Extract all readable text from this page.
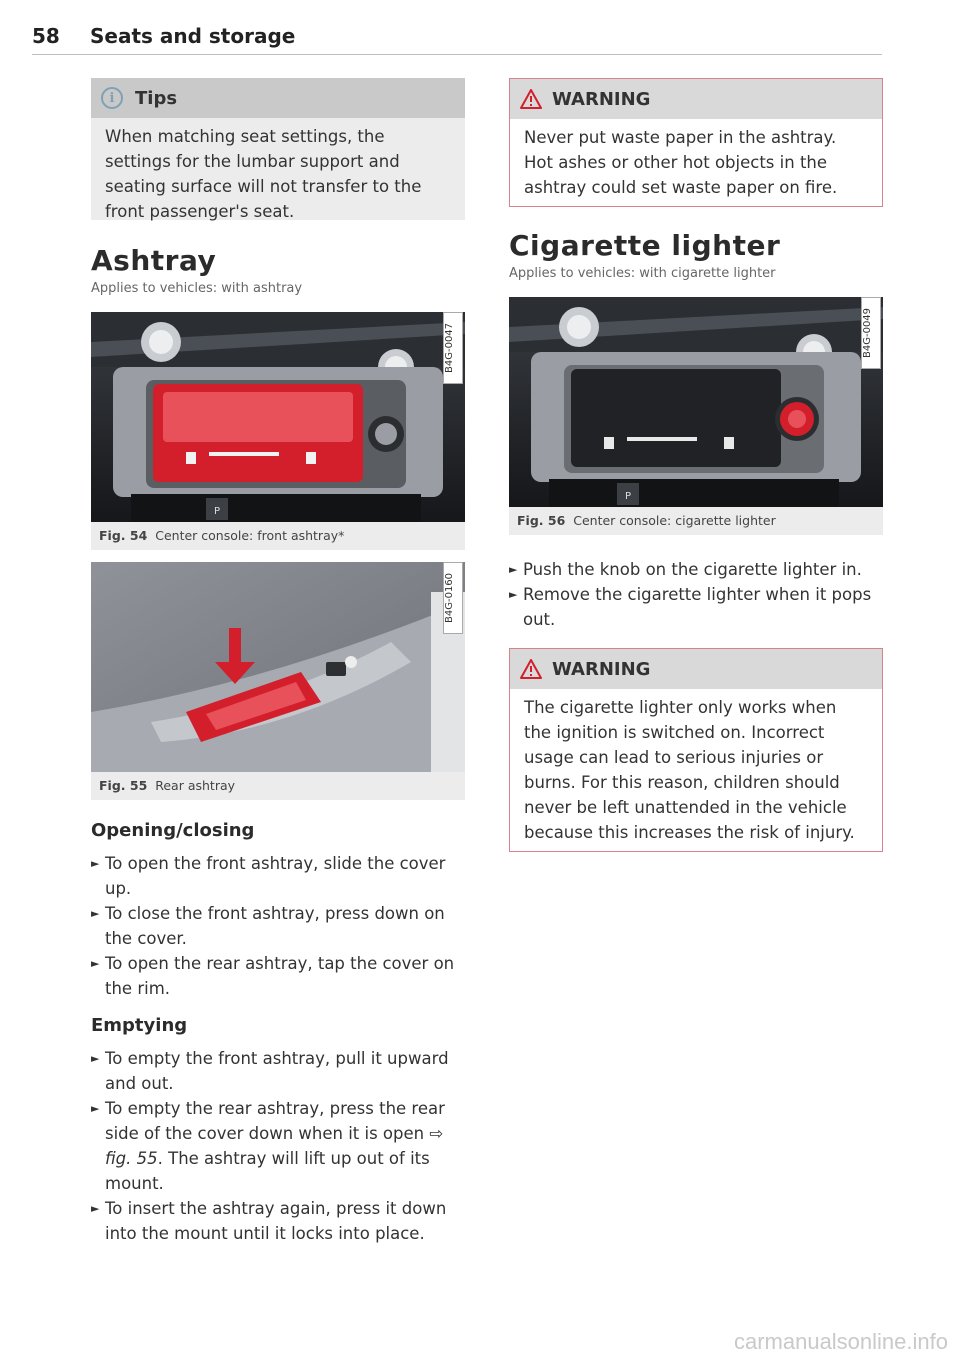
58 Seats and storage
i	Tips
When matching seat settings, the settings for the lumbar support and seating surface will not transfer to the front passenger's seat.
Ashtray
Applies to vehicles: with ashtray
P
B4G-0047
Fig. 54 Center console: front ashtray*
B4G-0160
Fig. 55 Rear ashtray
Opening/closing
► To open the front ashtray, slide the cover up.
► To close the front ashtray, press down on the cover.
► To open the rear ashtray, tap the cover on the rim.
Emptying
► To empty the front ashtray, pull it upward and out.
► To empty the rear ashtray, press the rear side of the cover down when it is open ⇨ fig. 55. The ashtray will lift up out of its mount.
► To insert the ashtray again, press it down into the mount until it locks into place.
WARNING
Never put waste paper in the ashtray. Hot ashes or other hot objects in the ashtray could set waste paper on fire.
Cigarette lighter
Applies to vehicles: with cigarette lighter
P
B4G-0049
Fig. 56 Center console: cigarette lighter
► Push the knob on the cigarette lighter in.
► Remove the cigarette lighter when it pops out.
WARNING
The cigarette lighter only works when the ignition is switched on. Incorrect usage can lead to serious injuries or burns. For this reason, children should never be left unattended in the vehicle because this increases the risk of injury.
carmanualsonline.info
